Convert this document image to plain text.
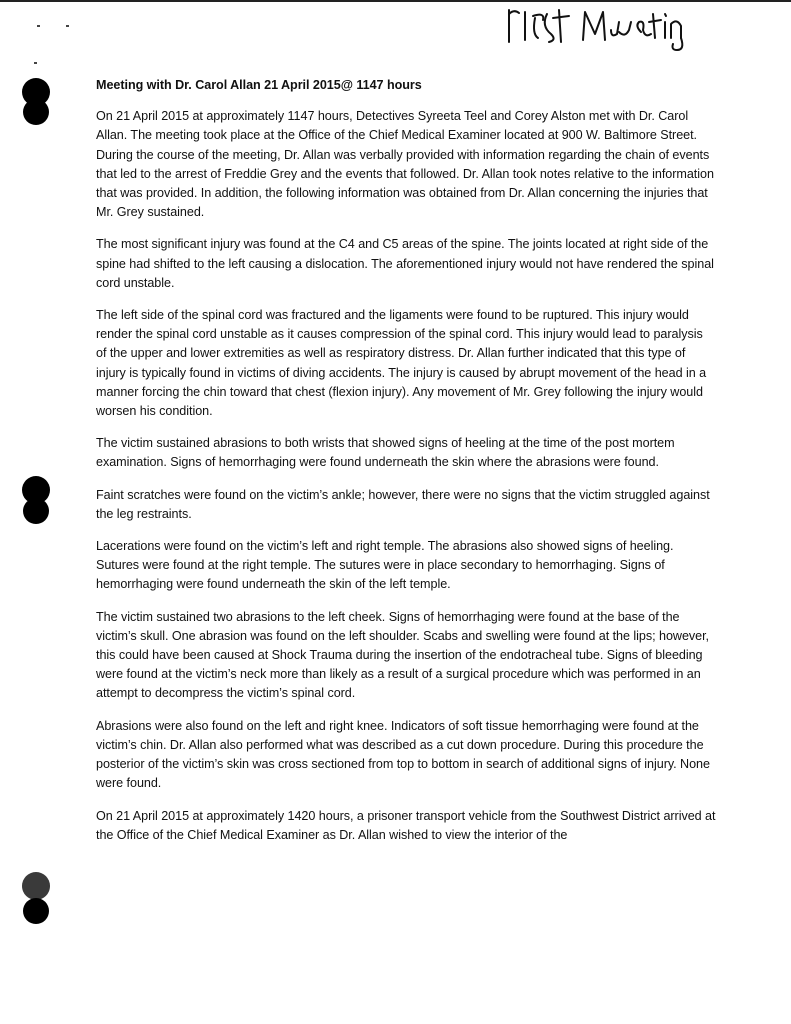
Meeting with Dr. Carol Allan 21 April 2015@ 1147 hours

On 21 April 2015 at approximately 1147 hours, Detectives Syreeta Teel and Corey Alston met with Dr. Carol Allan. The meeting took place at the Office of the Chief Medical Examiner located at 900 W. Baltimore Street. During the course of the meeting, Dr. Allan was verbally provided with information regarding the chain of events that led to the arrest of Freddie Grey and the events that followed. Dr. Allan took notes relative to the information that was provided. In addition, the following information was obtained from Dr. Allan concerning the injuries that Mr. Grey sustained.

The most significant injury was found at the C4 and C5 areas of the spine. The joints located at right side of the spine had shifted to the left causing a dislocation. The aforementioned injury would not have rendered the spinal cord unstable.

The left side of the spinal cord was fractured and the ligaments were found to be ruptured. This injury would render the spinal cord unstable as it causes compression of the spinal cord. This injury would lead to paralysis of the upper and lower extremities as well as respiratory distress. Dr. Allan further indicated that this type of injury is typically found in victims of diving accidents. The injury is caused by abrupt movement of the head in a manner forcing the chin toward that chest (flexion injury). Any movement of Mr. Grey following the injury would worsen his condition.

The victim sustained abrasions to both wrists that showed signs of heeling at the time of the post mortem examination. Signs of hemorrhaging were found underneath the skin where the abrasions were found.

Faint scratches were found on the victim’s ankle; however, there were no signs that the victim struggled against the leg restraints.

Lacerations were found on the victim’s left and right temple. The abrasions also showed signs of heeling. Sutures were found at the right temple. The sutures were in place secondary to hemorrhaging. Signs of hemorrhaging were found underneath the skin of the left temple.

The victim sustained two abrasions to the left cheek. Signs of hemorrhaging were found at the base of the victim’s skull. One abrasion was found on the left shoulder. Scabs and swelling were found at the lips; however, this could have been caused at Shock Trauma during the insertion of the endotracheal tube. Signs of bleeding were found at the victim’s neck more than likely as a result of a surgical procedure which was performed in an attempt to decompress the victim’s spinal cord.

Abrasions were also found on the left and right knee. Indicators of soft tissue hemorrhaging were found at the victim’s chin. Dr. Allan also performed what was described as a cut down procedure. During this procedure the posterior of the victim’s skin was cross sectioned from top to bottom in search of additional signs of injury. None were found.

On 21 April 2015 at approximately 1420 hours, a prisoner transport vehicle from the Southwest District arrived at the Office of the Chief Medical Examiner as Dr. Allan wished to view the interior of the
